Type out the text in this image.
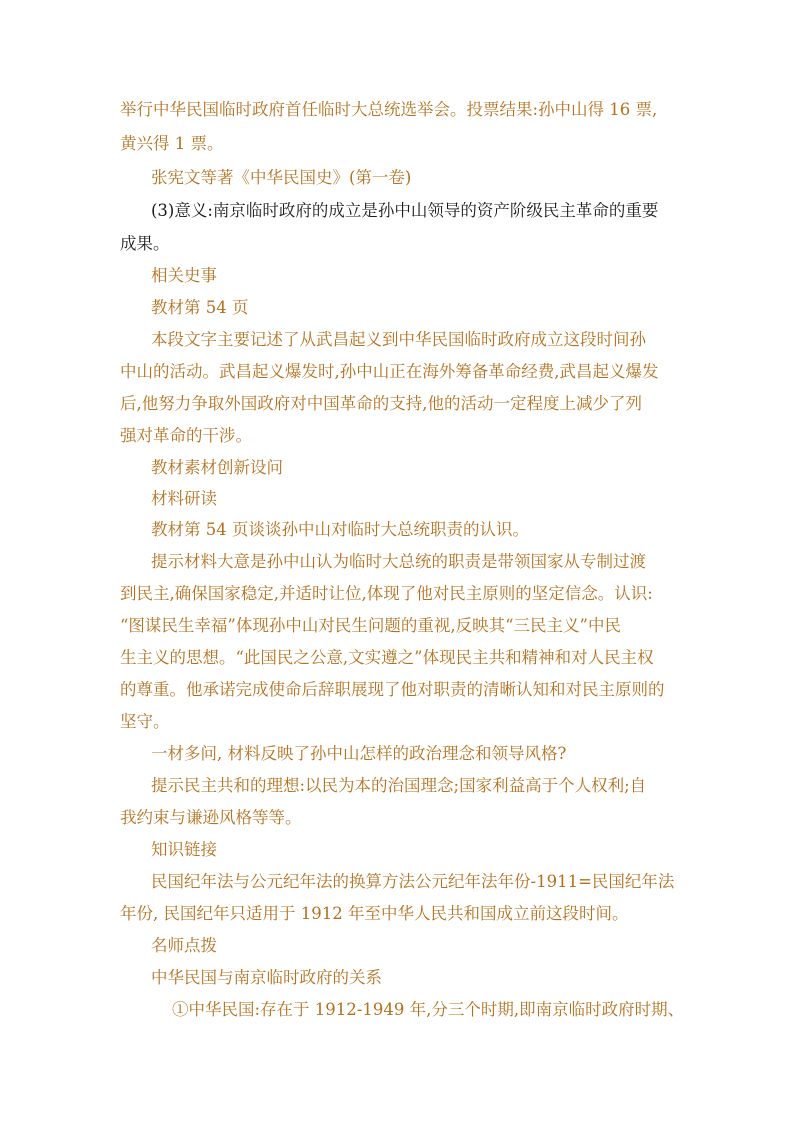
举行中华民国临时政府首任临时大总统选举会。投票结果:孙中山得 16 票,
黄兴得 1 票。
张宪文等著《中华民国史》(第一卷)
(3)意义:南京临时政府的成立是孙中山领导的资产阶级民主革命的重要
成果。
相关史事
教材第 54 页
本段文字主要记述了从武昌起义到中华民国临时政府成立这段时间孙
中山的活动。武昌起义爆发时,孙中山正在海外筹备革命经费,武昌起义爆发
后,他努力争取外国政府对中国革命的支持,他的活动一定程度上减少了列
强对革命的干涉。
教材素材创新设问
材料研读
教材第 54 页谈谈孙中山对临时大总统职责的认识。
提示材料大意是孙中山认为临时大总统的职责是带领国家从专制过渡
到民主,确保国家稳定,并适时让位,体现了他对民主原则的坚定信念。认识:
“图谋民生幸福”体现孙中山对民生问题的重视,反映其“三民主义”中民
生主义的思想。“此国民之公意,文实遵之”体现民主共和精神和对人民主权
的尊重。他承诺完成使命后辞职展现了他对职责的清晰认知和对民主原则的
坚守。
一材多问, 材料反映了孙中山怎样的政治理念和领导风格?
提示民主共和的理想:以民为本的治国理念;国家利益高于个人权利;自
我约束与谦逊风格等等。
知识链接
民国纪年法与公元纪年法的换算方法公元纪年法年份-1911=民国纪年法
年份, 民国纪年只适用于 1912 年至中华人民共和国成立前这段时间。
名师点拨
中华民国与南京临时政府的关系
①中华民国:存在于 1912-1949 年,分三个时期,即南京临时政府时期、
